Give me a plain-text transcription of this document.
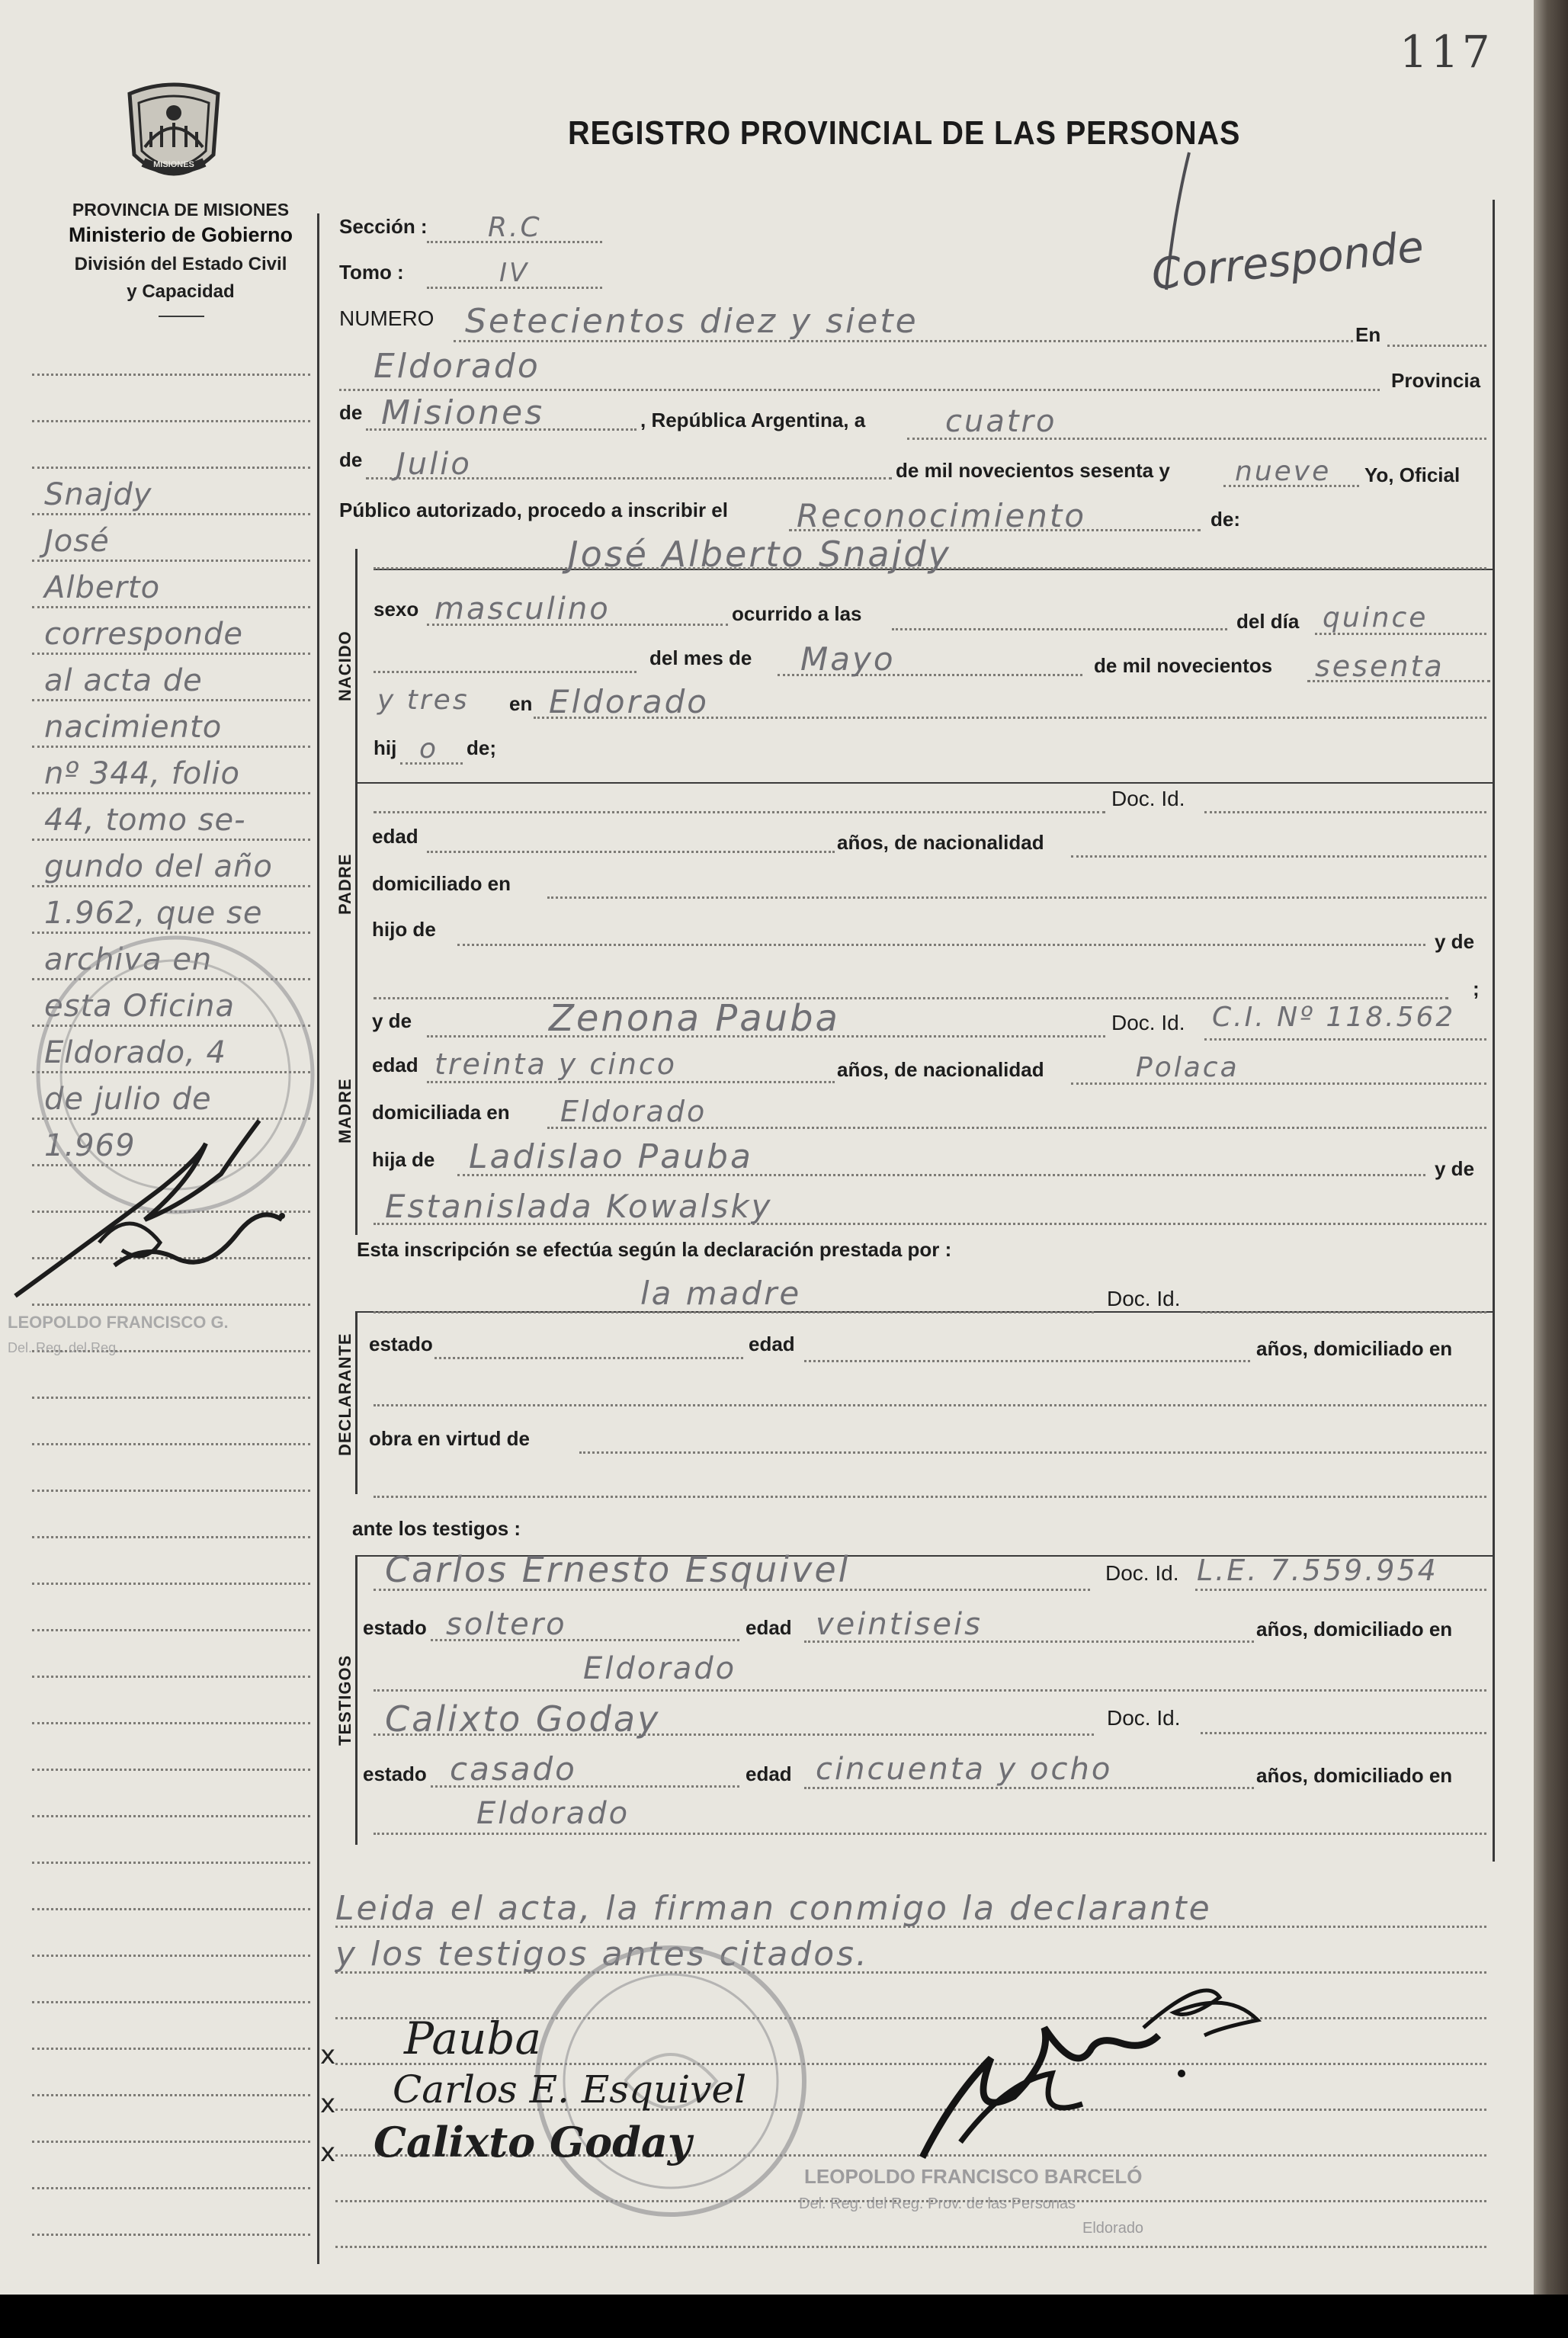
117
MISIONES
PROVINCIA DE MISIONES
Ministerio de Gobierno
División del Estado Civil
y Capacidad
REGISTRO PROVINCIAL DE LAS PERSONAS
Corresponde
Snajdy
José
Alberto
corresponde
al acta de
nacimiento
nº 344, folio
44, tomo se-
gundo del año
1.962, que se
archiva en
esta Oficina
Eldorado, 4
de julio de
1.969
LEOPOLDO FRANCISCO G.
Del. Reg. del Reg.
NACIDO
PADRE
MADRE
DECLARANTE
TESTIGOS
Sección : R.C
Tomo :	IV
NUMERO Setecientos diez y siete	En
Eldorado	Provincia
de Misiones	, República Argentina, a	cuatro
de Julio	de mil novecientos sesenta y nueve Yo, Oficial
Público autorizado, procedo a inscribir el Reconocimiento	de:
José Alberto Snajdy
sexo masculino	ocurrido a las	del día quince
del mes de Mayo	de mil novecientos sesenta
y tres en Eldorado
hij o de;
Doc. Id.
edad	años, de nacionalidad
domiciliado en
hijo de
y de
;
y de	Zenona Pauba	Doc. Id. C.I. Nº 118.562
edad treinta y cinco	años, de nacionalidad	Polaca
domiciliada en Eldorado
hija de Ladislao Pauba	y de
Estanislada Kowalsky
Esta inscripción se efectúa según la declaración prestada por :
la madre	Doc. Id.
estado	edad	años, domiciliado en
obra en virtud de
ante los testigos :
Carlos Ernesto Esquivel	Doc. Id. L.E. 7.559.954
estado soltero	edad veintiseis	años, domiciliado en
Eldorado
Calixto Goday	Doc. Id.
estado casado	edad cincuenta y ocho	años, domiciliado en
Eldorado
Leida el acta, la firman conmigo la declarante
y los testigos antes citados.
x
x
x
Pauba
Carlos E. Esquivel
Calixto Goday
LEOPOLDO FRANCISCO BARCELÓ
Del. Reg. del Reg. Prov. de las Personas
Eldorado
